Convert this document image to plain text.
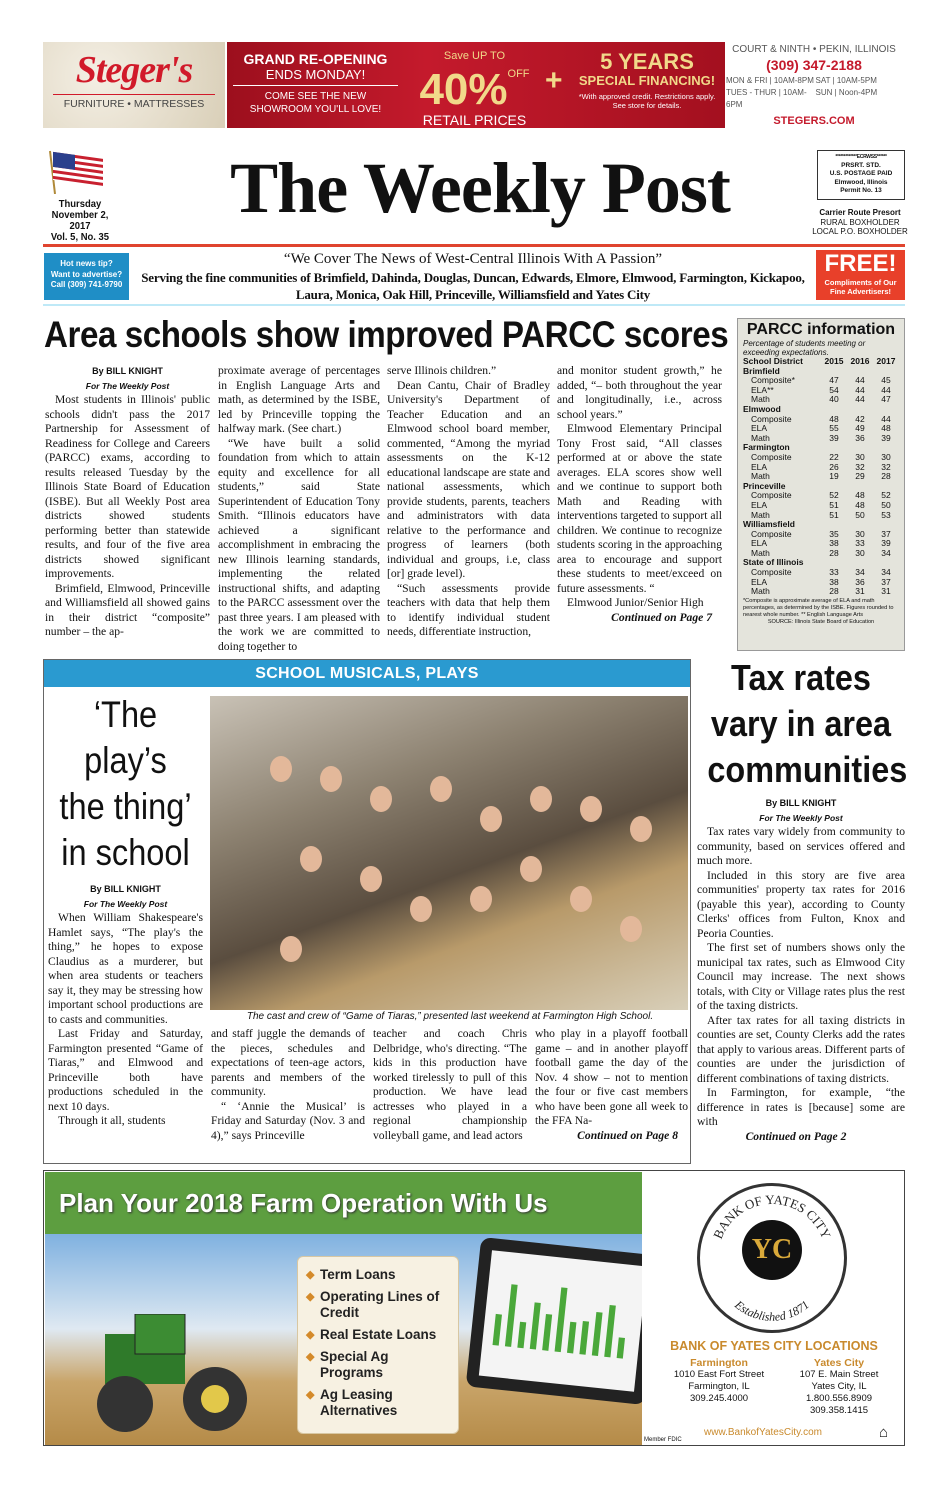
Steger's
FURNITURE • MATTRESSES
GRAND RE-OPENING
ENDS MONDAY!
COME SEE THE NEW SHOWROOM YOU'LL LOVE!
$^{Save UP TO}$ 40%$^{OFF}$
RETAIL PRICES
+
5 YEARS
SPECIAL FINANCING!
*With approved credit. Restrictions apply. See store for details.
COURT & NINTH • PEKIN, ILLINOIS
(309) 347-2188
MON & FRI | 10AM-8PM SAT | 10AM-5PM
TUES - THUR | 10AM-6PM
SUN | Noon-4PM
STEGERS.COM
Thursday
November 2, 2017
Vol. 5, No. 35
The Weekly Post	*************ECRWSS******
PRSRT. STD.
U.S. POSTAGE PAID
Elmwood, Illinois
Permit No. 13
Carrier Route Presort
RURAL BOXHOLDER
LOCAL P.O. BOXHOLDER
Hot news tip?
Want to advertise?
Call (309) 741-9790
“We Cover The News of West-Central Illinois With A Passion”
Serving the fine communities of Brimfield, Dahinda, Douglas, Duncan, Edwards, Elmore, Elmwood, Farmington, Kickapoo, Laura, Monica, Oak Hill, Princeville, Williamsfield and Yates City
FREE!
Compliments of Our Fine Advertisers!
Area schools show improved PARCC scores

By BILL KNIGHT

For The Weekly Post

Most students in Illinois' public schools didn't pass the 2017 Partnership for Assessment of Readiness for College and Careers (PARCC) exams, according to results released Tuesday by the Illinois State Board of Education (ISBE). But all Weekly Post area districts showed students performing better than statewide results, and four of the five area districts showed significant improvements.

Brimfield, Elmwood, Princeville and Williamsfield all showed gains in their district “composite” number – the ap-

proximate average of percentages in English Language Arts and math, as determined by the ISBE, led by Princeville topping the halfway mark. (See chart.)

“We have built a solid foundation from which to attain equity and excellence for all students,” said State Superintendent of Education Tony Smith. “Illinois educators have achieved a significant accomplishment in embracing the new Illinois learning standards, implementing the related instructional shifts, and adapting to the PARCC assessment over the past three years. I am pleased with the work we are committed to doing together to

serve Illinois children.”

Dean Cantu, Chair of Bradley University's Department of Teacher Education and an Elmwood school board member, commented, “Among the myriad assessments on the K-12 educational landscape are state and national assessments, which provide students, parents, teachers and administrators with data relative to the performance and progress of learners (both individual and groups, i.e, class [or] grade level).

“Such assessments provide teachers with data that help them to identify individual student needs, differentiate instruction,

and monitor student growth,” he added, “– both throughout the year and longitudinally, i.e., across school years.”

Elmwood Elementary Principal Tony Frost said, “All classes performed at or above the state averages. ELA scores show well and we continue to support both Math and Reading with interventions targeted to support all children. We continue to recognize students scoring in the approaching area to encourage and support these students to meet/exceed on future assessments. “

Elmwood Junior/Senior High

Continued on Page 7

PARCC information
Percentage of students meeting or exceeding expectations.
School District	2015	2016	2017
Brimfield			
Composite*	47	44	45
ELA**	54	44	44
Math	40	44	47
Elmwood			
Composite	48	42	44
ELA	55	49	48
Math	39	36	39
Farmington			
Composite	22	30	30
ELA	26	32	32
Math	19	29	28
Princeville			
Composite	52	48	52
ELA	51	48	50
Math	51	50	53
Williamsfield			
Composite	35	30	37
ELA	38	33	39
Math	28	30	34
State of Illinois			
Composite	33	34	34
ELA	38	36	37
Math	28	31	31
*Composite is approximate average of ELA and math percentages, as determined by the ISBE. Figures rounded to nearest whole number. ** English Language Arts
SOURCE: Illinois State Board of Education
SCHOOL MUSICALS, PLAYS
‘The play’s the thing’ in school

By BILL KNIGHT

For The Weekly Post

When William Shakespeare's Hamlet says, “The play's the thing,” he hopes to expose Claudius as a murderer, but when area students or teachers say it, they may be stressing how important school productions are to casts and communities.

Last Friday and Saturday, Farmington presented “Game of Tiaras,” and Elmwood and Princeville both have productions scheduled in the next 10 days.

Through it all, students

The cast and crew of “Game of Tiaras,” presented last weekend at Farmington High School.

and staff juggle the demands of the pieces, schedules and expectations of teen-age actors, parents and members of the community.

“ ‘Annie the Musical’ is Friday and Saturday (Nov. 3 and 4),” says Princeville

teacher and coach Chris Delbridge, who's directing. “The kids in this production have worked tirelessly to pull of this production. We have lead actresses who played in a regional championship volleyball game, and lead actors

who play in a playoff football game – and in another playoff football game the day of the Nov. 4 show – not to mention the four or five cast members who have been gone all week to the FFA Na-

Continued on Page 8

Tax rates vary in area communities

By BILL KNIGHT

For The Weekly Post

Tax rates vary widely from community to community, based on services offered and much more.

Included in this story are five area communities' property tax rates for 2016 (payable this year), according to County Clerks' offices from Fulton, Knox and Peoria Counties.

The first set of numbers shows only the municipal tax rates, such as Elmwood City Council may increase. The next shows totals, with City or Village rates plus the rest of the taxing districts.

After tax rates for all taxing districts in counties are set, County Clerks add the rates that apply to various areas. Different parts of counties are under the jurisdiction of different combinations of taxing districts.

In Farmington, for example, “the difference in rates is [because] some are with

Continued on Page 2

Plan Your 2018 Farm Operation With Us
◆ Term Loans
◆ Operating Lines of Credit
◆ Real Estate Loans
◆ Special Ag Programs
◆ Ag Leasing Alternatives
YC
BANK OF YATES CITY
Established 1871
BANK OF YATES CITY LOCATIONS
Farmington
1010 East Fort Street
Farmington, IL
309.245.4000
Yates City
107 E. Main Street
Yates City, IL
1.800.556.8909
309.358.1415
www.BankofYatesCity.com
Member FDIC	⌂
